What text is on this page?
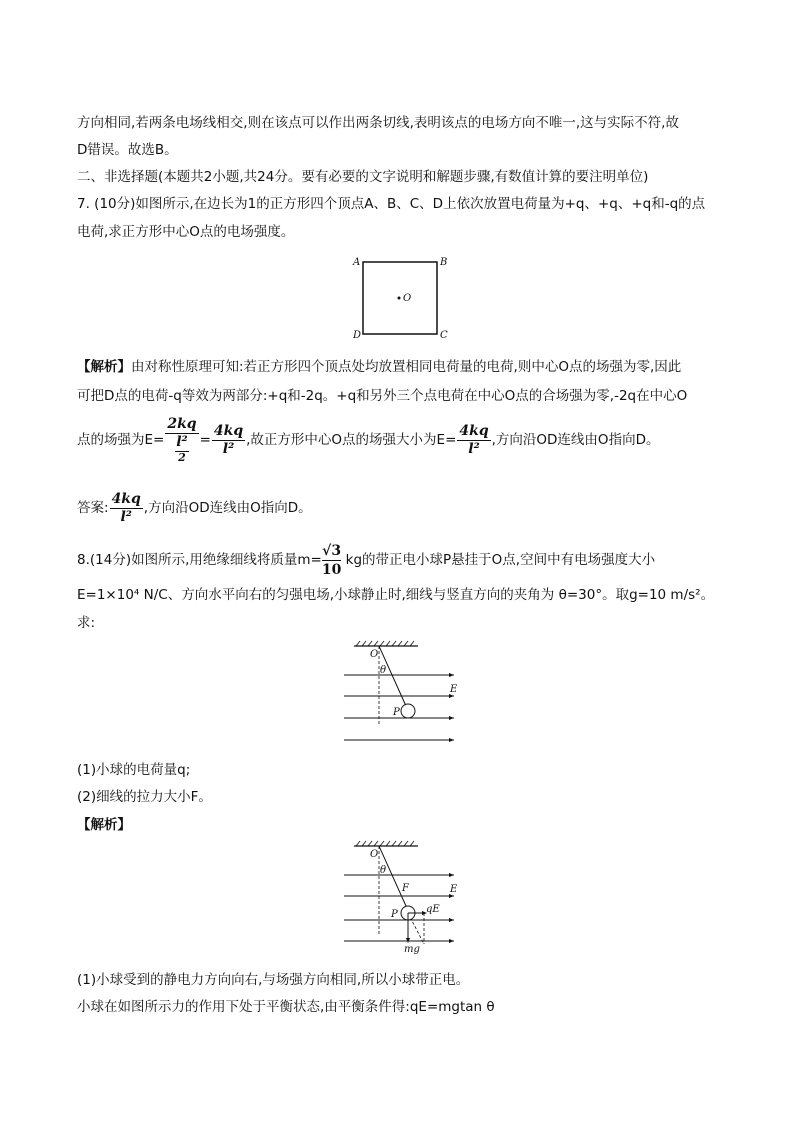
方向相同,若两条电场线相交,则在该点可以作出两条切线,表明该点的电场方向不唯一,这与实际不符,故
D错误。故选B。
二、非选择题(本题共2小题,共24分。要有必要的文字说明和解题步骤,有数值计算的要注明单位)
7. (10分)如图所示,在边长为1的正方形四个顶点A、B、C、D上依次放置电荷量为+q、+q、+q和-q的点
电荷,求正方形中心O点的电场强度。
A	B
D	C
O
【解析】由对称性原理可知:若正方形四个顶点处均放置相同电荷量的电荷,则中心O点的场强为零,因此
可把D点的电荷-q等效为两部分:+q和-2q。+q和另外三个点电荷在中心O点的合场强为零,-2q在中心O
点的场强为E=
2kq
l²

2
= $\frac{4kq}{\text{l²}}$ ,故正方形中心O点的场强大小为$E= \frac{4kq}{\text{l²}}$ ,方向沿OD连线由O指向D。
答案: $\frac{4kq}{\text{l²}}$ ,方向沿OD连线由O指向D。
8.(14分)如图所示,用绝缘细线将质量$m= \frac{√3}{10}$ kg的带正电小球P悬挂于O点,空间中有电场强度大小
E=1×10⁴ N/C、方向水平向右的匀强电场,小球静止时,细线与竖直方向的夹角为 θ=30°。取g=10 m/s²。
求:
O
θ
E
P
(1)小球的电荷量q;
(2)细线的拉力大小F。
【解析】
O
θ
F	E
P	qE
mg
(1)小球受到的静电力方向向右,与场强方向相同,所以小球带正电。
小球在如图所示力的作用下处于平衡状态,由平衡条件得:qE=mgtan θ
